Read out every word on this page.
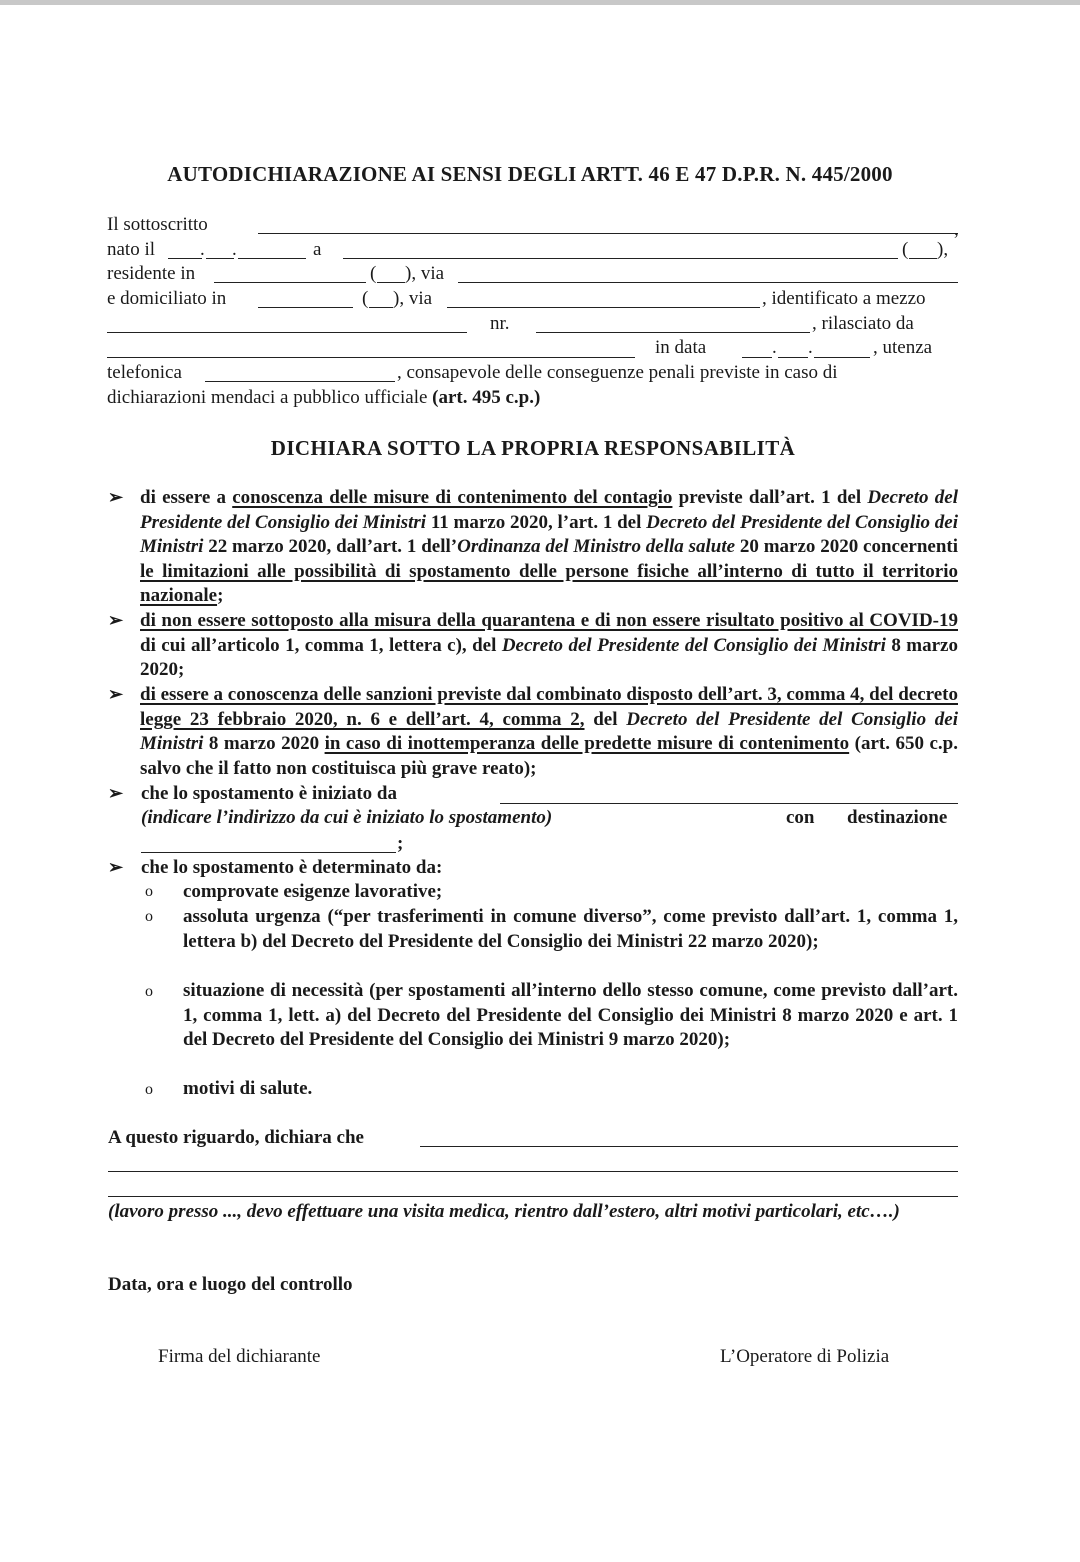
AUTODICHIARAZIONE AI SENSI DEGLI ARTT. 46 E 47 D.P.R. N. 445/2000
Il sottoscritto	,
nato il . .	a	( ),
residente in	( ), via
e domiciliato in	( ), via	, identificato a mezzo
nr.	, rilasciato da
in data	. .	, utenza
telefonica	, consapevole delle conseguenze penali previste in caso di
dichiarazioni mendaci a pubblico ufficiale (art. 495 c.p.)
DICHIARA SOTTO LA PROPRIA RESPONSABILITÀ
➢ di essere a conoscenza delle misure di contenimento del contagio previste dall’art. 1 del Decreto del Presidente del Consiglio dei Ministri 11 marzo 2020, l’art. 1 del Decreto del Presidente del Consiglio dei Ministri 22 marzo 2020, dall’art. 1 dell’Ordinanza del Ministro della salute 20 marzo 2020 concernenti le limitazioni alle possibilità di spostamento delle persone fisiche all’interno di tutto il territorio nazionale;
➢ di non essere sottoposto alla misura della quarantena e di non essere risultato positivo al COVID-19 di cui all’articolo 1, comma 1, lettera c), del Decreto del Presidente del Consiglio dei Ministri 8 marzo 2020;
➢ di essere a conoscenza delle sanzioni previste dal combinato disposto dell’art. 3, comma 4, del decreto legge 23 febbraio 2020, n. 6 e dell’art. 4, comma 2, del Decreto del Presidente del Consiglio dei Ministri 8 marzo 2020 in caso di inottemperanza delle predette misure di contenimento (art. 650 c.p. salvo che il fatto non costituisca più grave reato);
➢ che lo spostamento è iniziato da
(indicare l’indirizzo da cui è iniziato lo spostamento)	con destinazione
;
➢ che lo spostamento è determinato da:
o comprovate esigenze lavorative;
o assoluta urgenza (“per trasferimenti in comune diverso”, come previsto dall’art. 1, comma 1, lettera b) del Decreto del Presidente del Consiglio dei Ministri 22 marzo 2020);
o situazione di necessità (per spostamenti all’interno dello stesso comune, come previsto dall’art. 1, comma 1, lett. a) del Decreto del Presidente del Consiglio dei Ministri 8 marzo 2020 e art. 1 del Decreto del Presidente del Consiglio dei Ministri 9 marzo 2020);
o motivi di salute.
A questo riguardo, dichiara che
(lavoro presso ..., devo effettuare una visita medica, rientro dall’estero, altri motivi particolari, etc….)
Data, ora e luogo del controllo
Firma del dichiarante	L’Operatore di Polizia
